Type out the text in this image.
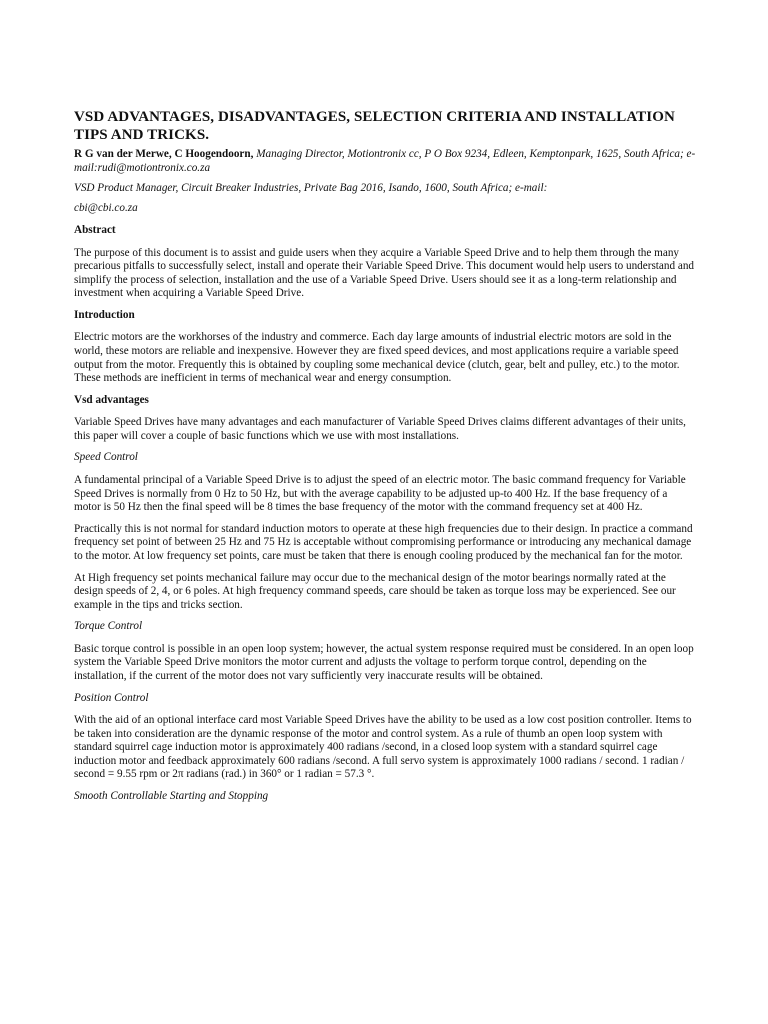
VSD ADVANTAGES, DISADVANTAGES, SELECTION CRITERIA AND INSTALLATION TIPS AND TRICKS.
R G van der Merwe, C Hoogendoorn, Managing Director, Motiontronix cc, P O Box 9234, Edleen, Kemptonpark, 1625, South Africa; e-mail:rudi@motiontronix.co.za
VSD Product Manager, Circuit Breaker Industries, Private Bag 2016, Isando, 1600, South Africa; e-mail:
cbi@cbi.co.za
Abstract

The purpose of this document is to assist and guide users when they acquire a Variable Speed Drive and to help them through the many precarious pitfalls to successfully select, install and operate their Variable Speed Drive. This document would help users to understand and simplify the process of selection, installation and the use of a Variable Speed Drive. Users should see it as a long-term relationship and investment when acquiring a Variable Speed Drive.

Introduction

Electric motors are the workhorses of the industry and commerce. Each day large amounts of industrial electric motors are sold in the world, these motors are reliable and inexpensive. However they are fixed speed devices, and most applications require a variable speed output from the motor. Frequently this is obtained by coupling some mechanical device (clutch, gear, belt and pulley, etc.) to the motor. These methods are inefficient in terms of mechanical wear and energy consumption.

Vsd advantages

Variable Speed Drives have many advantages and each manufacturer of Variable Speed Drives claims different advantages of their units, this paper will cover a couple of basic functions which we use with most installations.

Speed Control

A fundamental principal of a Variable Speed Drive is to adjust the speed of an electric motor. The basic command frequency for Variable Speed Drives is normally from 0 Hz to 50 Hz, but with the average capability to be adjusted up-to 400 Hz. If the base frequency of a motor is 50 Hz then the final speed will be 8 times the base frequency of the motor with the command frequency set at 400 Hz.

Practically this is not normal for standard induction motors to operate at these high frequencies due to their design. In practice a command frequency set point of between 25 Hz and 75 Hz is acceptable without compromising performance or introducing any mechanical damage to the motor. At low frequency set points, care must be taken that there is enough cooling produced by the mechanical fan for the motor.

At High frequency set points mechanical failure may occur due to the mechanical design of the motor bearings normally rated at the design speeds of 2, 4, or 6 poles. At high frequency command speeds, care should be taken as torque loss may be experienced. See our example in the tips and tricks section.

Torque Control

Basic torque control is possible in an open loop system; however, the actual system response required must be considered. In an open loop system the Variable Speed Drive monitors the motor current and adjusts the voltage to perform torque control, depending on the installation, if the current of the motor does not vary sufficiently very inaccurate results will be obtained.

Position Control

With the aid of an optional interface card most Variable Speed Drives have the ability to be used as a low cost position controller. Items to be taken into consideration are the dynamic response of the motor and control system. As a rule of thumb an open loop system with standard squirrel cage induction motor is approximately 400 radians /second, in a closed loop system with a standard squirrel cage induction motor and feedback approximately 600 radians /second. A full servo system is approximately 1000 radians / second. 1 radian / second = 9.55 rpm or 2π radians (rad.) in 360° or 1 radian = 57.3 °.

Smooth Controllable Starting and Stopping
